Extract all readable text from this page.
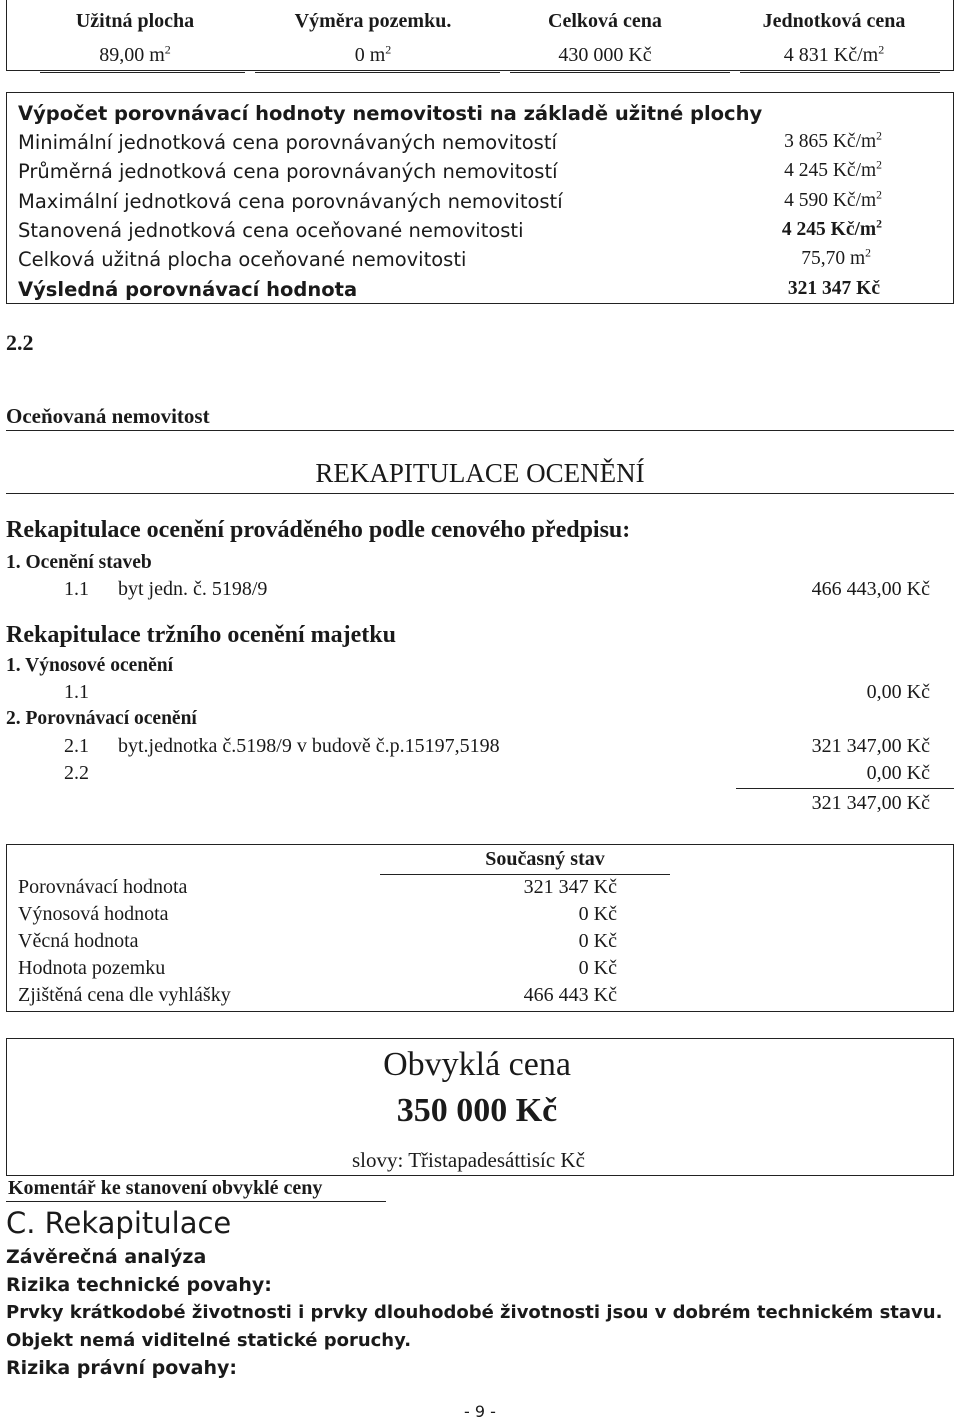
Užitná plocha	Výměra pozemku.	Celková cena	Jednotková cena
89,00 $m^2$	0 $m^2$	430 000 Kč	4 831 $Kč/m^2$
Výpočet porovnávací hodnoty nemovitosti na základě užitné plochy
Minimální jednotková cena porovnávaných nemovitostí	3 865 $Kč/m^2$
Průměrná jednotková cena porovnávaných nemovitostí	4 245 $Kč/m^2$
Maximální jednotková cena porovnávaných nemovitostí	4 590 $Kč/m^2$
Stanovená jednotková cena oceňované nemovitosti	4 245 $Kč/m^2$
Celková užitná plocha oceňované nemovitosti	75,70 $m^2$
Výsledná porovnávací hodnota	321 347 Kč
2.2
Oceňovaná nemovitost
REKAPITULACE OCENĚNÍ
Rekapitulace ocenění prováděného podle cenového předpisu:
1. Ocenění staveb
1.1 byt jedn. č. 5198/9	466 443,00 Kč
Rekapitulace tržního ocenění majetku
1. Výnosové ocenění
1.1	0,00 Kč
2. Porovnávací ocenění
2.1 byt.jednotka č.5198/9 v budově č.p.15197,5198	321 347,00 Kč
2.2	0,00 Kč
321 347,00 Kč
Současný stav
Porovnávací hodnota	321 347 Kč
Výnosová hodnota	0 Kč
Věcná hodnota	0 Kč
Hodnota pozemku	0 Kč
Zjištěná cena dle vyhlášky	466 443 Kč
Obvyklá cena
350 000 Kč
slovy: Třistapadesáttisíc Kč
Komentář ke stanovení obvyklé ceny
C. Rekapitulace
Závěrečná analýza
Rizika technické povahy:
Prvky krátkodobé životnosti i prvky dlouhodobé životnosti jsou v dobrém technickém stavu.
Objekt nemá viditelné statické poruchy.
Rizika právní povahy:
- 9 -
